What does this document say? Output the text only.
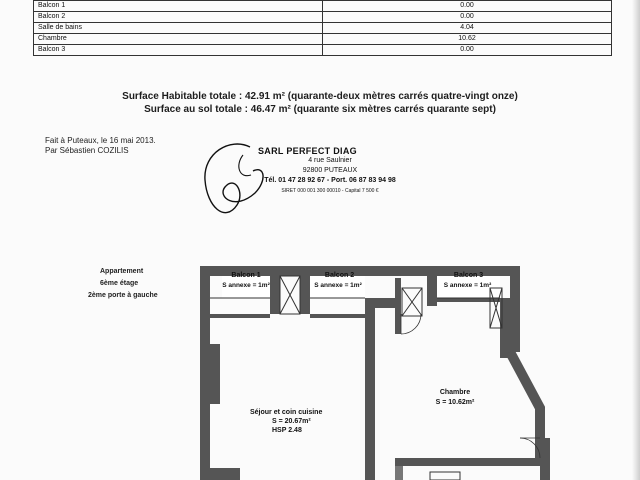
Balcon 1	0.00
Balcon 2	0.00
Salle de bains	4.04
Chambre	10.62
Balcon 3	0.00
Surface Habitable totale : 42.91 m² (quarante-deux mètres carrés quatre-vingt onze)
Surface au sol totale : 46.47 m² (quarante six mètres carrés quarante sept)
Fait à Puteaux, le 16 mai 2013.
Par Sébastien COZILIS	SARL PERFECT DIAG
4 rue Saulnier
92800 PUTEAUX
Tél. 01 47 28 92 67 - Port. 06 87 83 94 98
SIRET 000 001 300 00010 - Capital 7 500 €
Appartement
6ème étage
2ème porte à gauche
Balcon 1
S annexe = 1m²
Balcon 2
S annexe = 1m²
Balcon 3
S annexe = 1m²
Séjour et coin cuisine
S = 20.67m²
HSP 2.48
Chambre
S = 10.62m²
